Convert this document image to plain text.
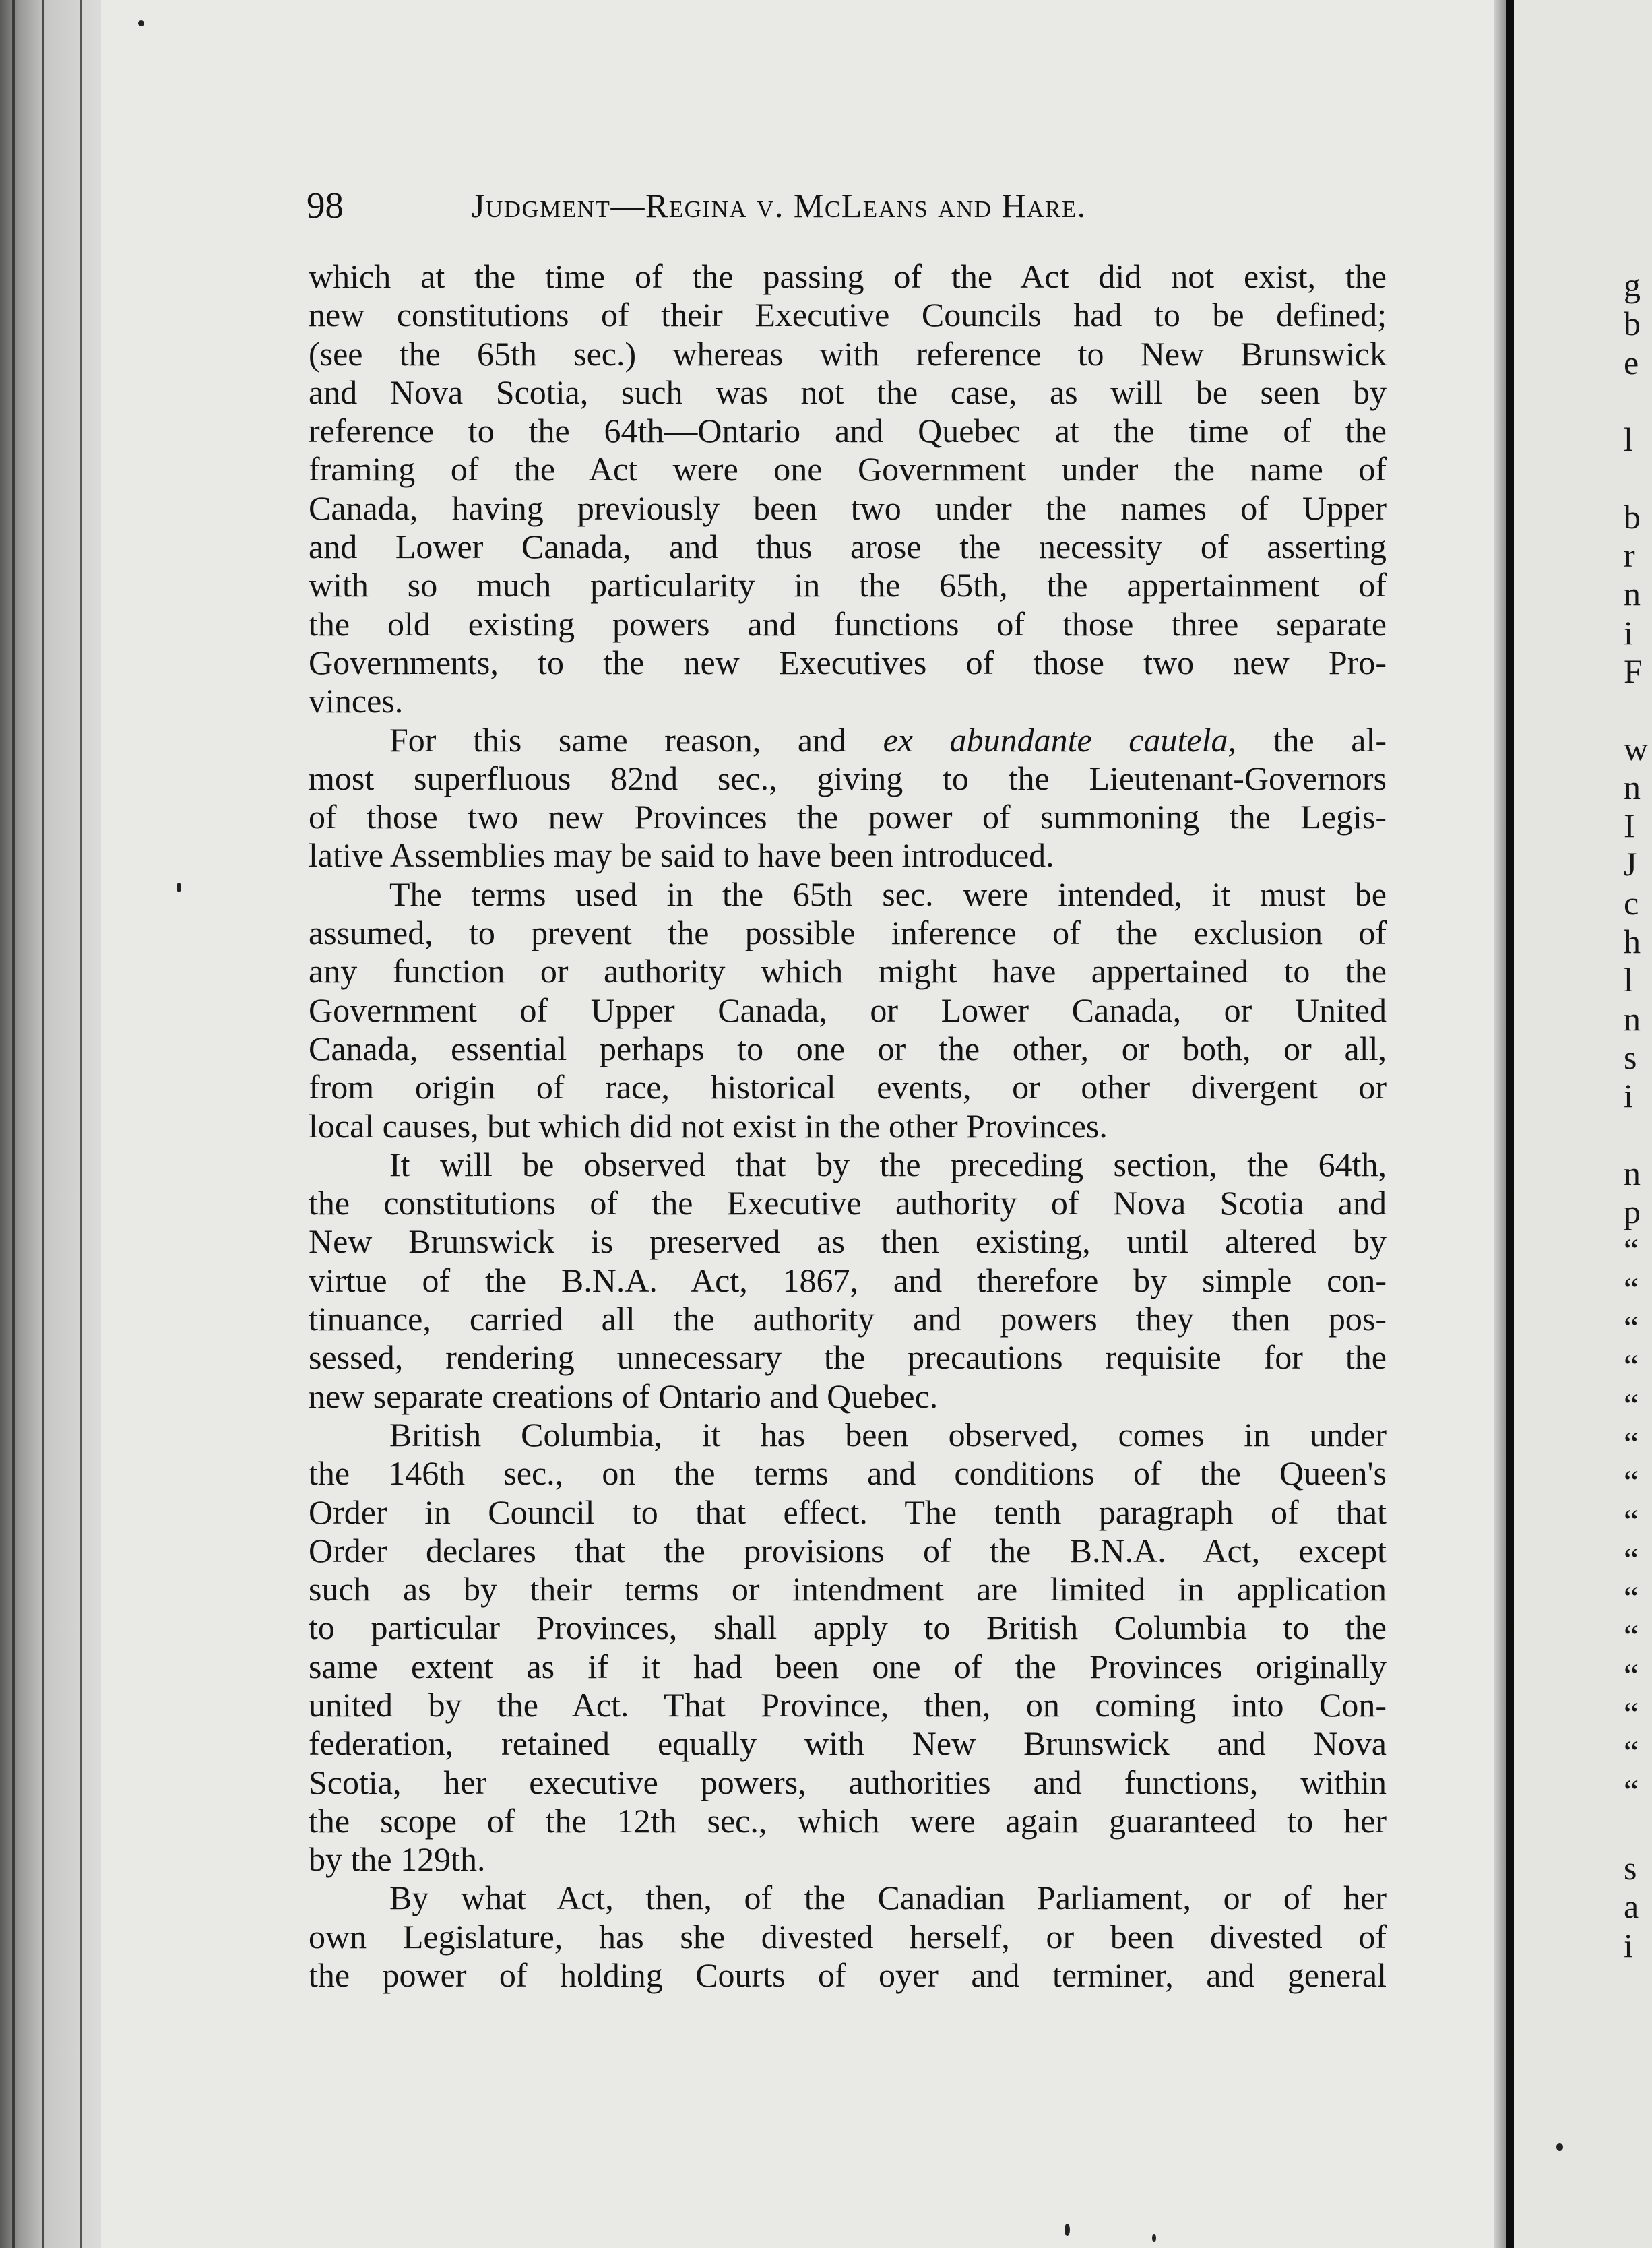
g
b
e
l
b
r
n
i
F
w
n
I
J
c
h
l
n
s
i
n
p
“
“
“
“
“
“
“
“
“
“
“
“
“
“
“
s
a
i
98	Judgment—Regina v. McLeans and Hare.
which at the time of the passing of the Act did not exist, the
new constitutions of their Executive Councils had to be defined;
(see the 65th sec.) whereas with reference to New Brunswick
and Nova Scotia, such was not the case, as will be seen by
reference to the 64th—Ontario and Quebec at the time of the
framing of the Act were one Government under the name of
Canada, having previously been two under the names of Upper
and Lower Canada, and thus arose the necessity of asserting
with so much particularity in the 65th, the appertainment of
the old existing powers and functions of those three separate
Governments, to the new Executives of those two new Pro-
vinces.
For this same reason, and ex abundante cautela, the al-
most superfluous 82nd sec., giving to the Lieutenant-Governors
of those two new Provinces the power of summoning the Legis-
lative Assemblies may be said to have been introduced.
The terms used in the 65th sec. were intended, it must be
assumed, to prevent the possible inference of the exclusion of
any function or authority which might have appertained to the
Government of Upper Canada, or Lower Canada, or United
Canada, essential perhaps to one or the other, or both, or all,
from origin of race, historical events, or other divergent or
local causes, but which did not exist in the other Provinces.
It will be observed that by the preceding section, the 64th,
the constitutions of the Executive authority of Nova Scotia and
New Brunswick is preserved as then existing, until altered by
virtue of the B.N.A. Act, 1867, and therefore by simple con-
tinuance, carried all the authority and powers they then pos-
sessed, rendering unnecessary the precautions requisite for the
new separate creations of Ontario and Quebec.
British Columbia, it has been observed, comes in under
the 146th sec., on the terms and conditions of the Queen's
Order in Council to that effect. The tenth paragraph of that
Order declares that the provisions of the B.N.A. Act, except
such as by their terms or intendment are limited in application
to particular Provinces, shall apply to British Columbia to the
same extent as if it had been one of the Provinces originally
united by the Act. That Province, then, on coming into Con-
federation, retained equally with New Brunswick and Nova
Scotia, her executive powers, authorities and functions, within
the scope of the 12th sec., which were again guaranteed to her
by the 129th.
By what Act, then, of the Canadian Parliament, or of her
own Legislature, has she divested herself, or been divested of
the power of holding Courts of oyer and terminer, and general
